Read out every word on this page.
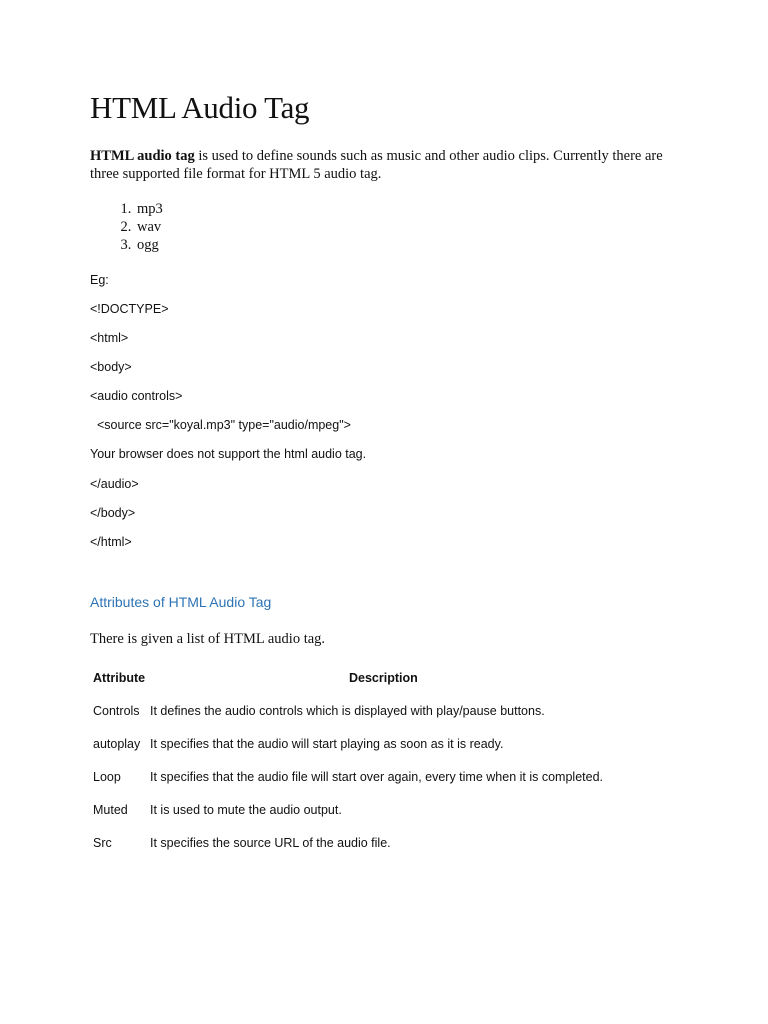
HTML Audio Tag

HTML audio tag is used to define sounds such as music and other audio clips. Currently there are three supported file format for HTML 5 audio tag.

1. mp3
2. wav
3. ogg

Eg:

<!DOCTYPE>

<html>

<body>

<audio controls>

<source src="koyal.mp3" type="audio/mpeg">

Your browser does not support the html audio tag.

</audio>

</body>

</html>

Attributes of HTML Audio Tag

There is given a list of HTML audio tag.

Attribute	Description

Controls It defines the audio controls which is displayed with play/pause buttons.

autoplay It specifies that the audio will start playing as soon as it is ready.

Loop It specifies that the audio file will start over again, every time when it is completed.

Muted It is used to mute the audio output.

Src	It specifies the source URL of the audio file.
